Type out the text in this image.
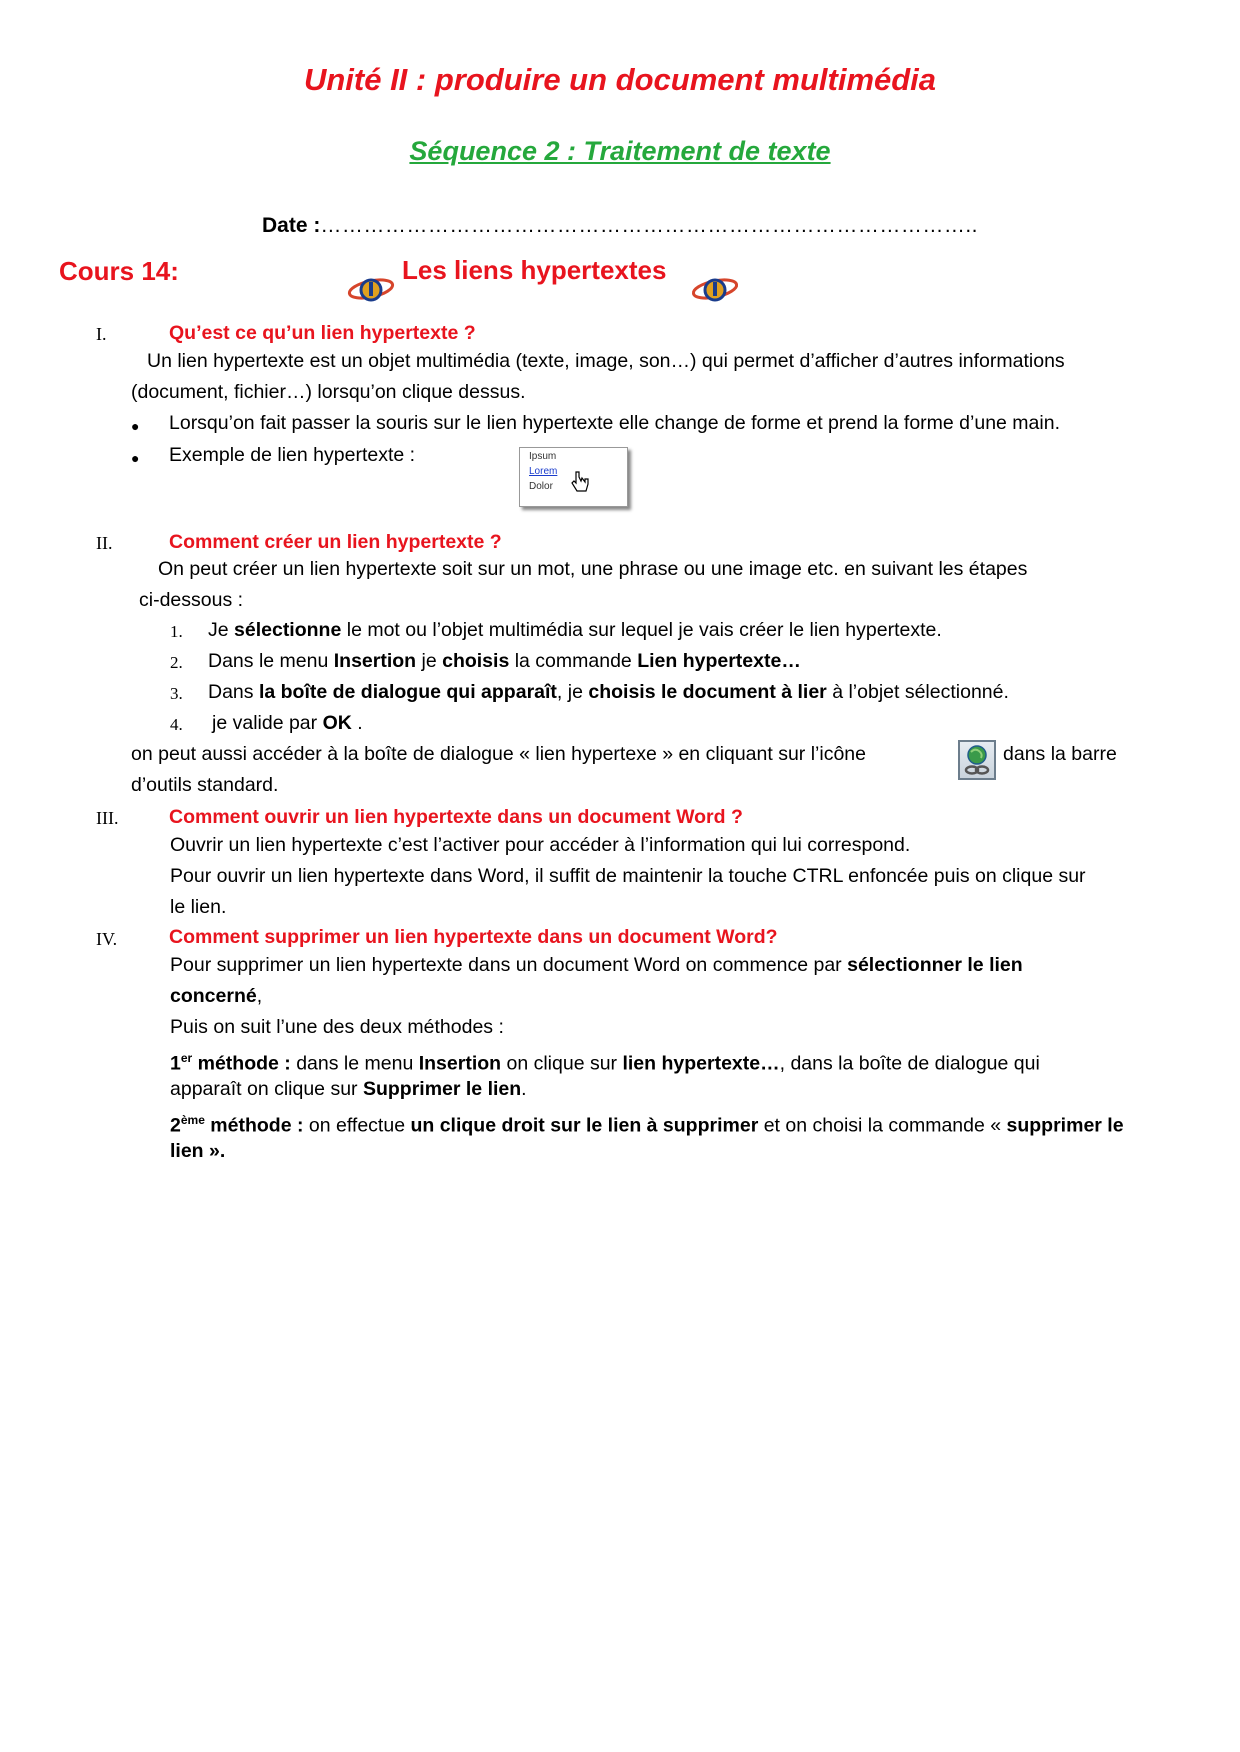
Unité II : produire un document multimédia
Séquence 2 : Traitement de texte
Date :………………………………………………………………………………..
Cours 14:	Les liens hypertextes
I.	Qu’est ce qu’un lien hypertexte ?
Un lien hypertexte est un objet multimédia (texte, image, son…) qui permet d’afficher d’autres informations
(document, fichier…) lorsqu’on clique dessus.
● Lorsqu’on fait passer la souris sur le lien hypertexte elle change de forme et prend la forme d’une main.
● Exemple de lien hypertexte :	Ipsum
Lorem
Dolor
II.	Comment créer un lien hypertexte ?
On peut créer un lien hypertexte soit sur un mot, une phrase ou une image etc. en suivant les étapes
ci-dessous :
1. Je sélectionne le mot ou l’objet multimédia sur lequel je vais créer le lien hypertexte.
2. Dans le menu Insertion je choisis la commande Lien hypertexte…
3. Dans la boîte de dialogue qui apparaît, je choisis le document à lier à l’objet sélectionné.
4. je valide par OK .
on peut aussi accéder à la boîte de dialogue « lien hypertexe » en cliquant sur l’icône	dans la barre
d’outils standard.
III.	Comment ouvrir un lien hypertexte dans un document Word ?
Ouvrir un lien hypertexte c’est l’activer pour accéder à l’information qui lui correspond.
Pour ouvrir un lien hypertexte dans Word, il suffit de maintenir la touche CTRL enfoncée puis on clique sur
le lien.
IV.	Comment supprimer un lien hypertexte dans un document Word?
Pour supprimer un lien hypertexte dans un document Word on commence par sélectionner le lien
concerné,
Puis on suit l’une des deux méthodes :
1er méthode : dans le menu Insertion on clique sur lien hypertexte…, dans la boîte de dialogue qui
apparaît on clique sur Supprimer le lien.
2ème méthode : on effectue un clique droit sur le lien à supprimer et on choisi la commande « supprimer le
lien ».
